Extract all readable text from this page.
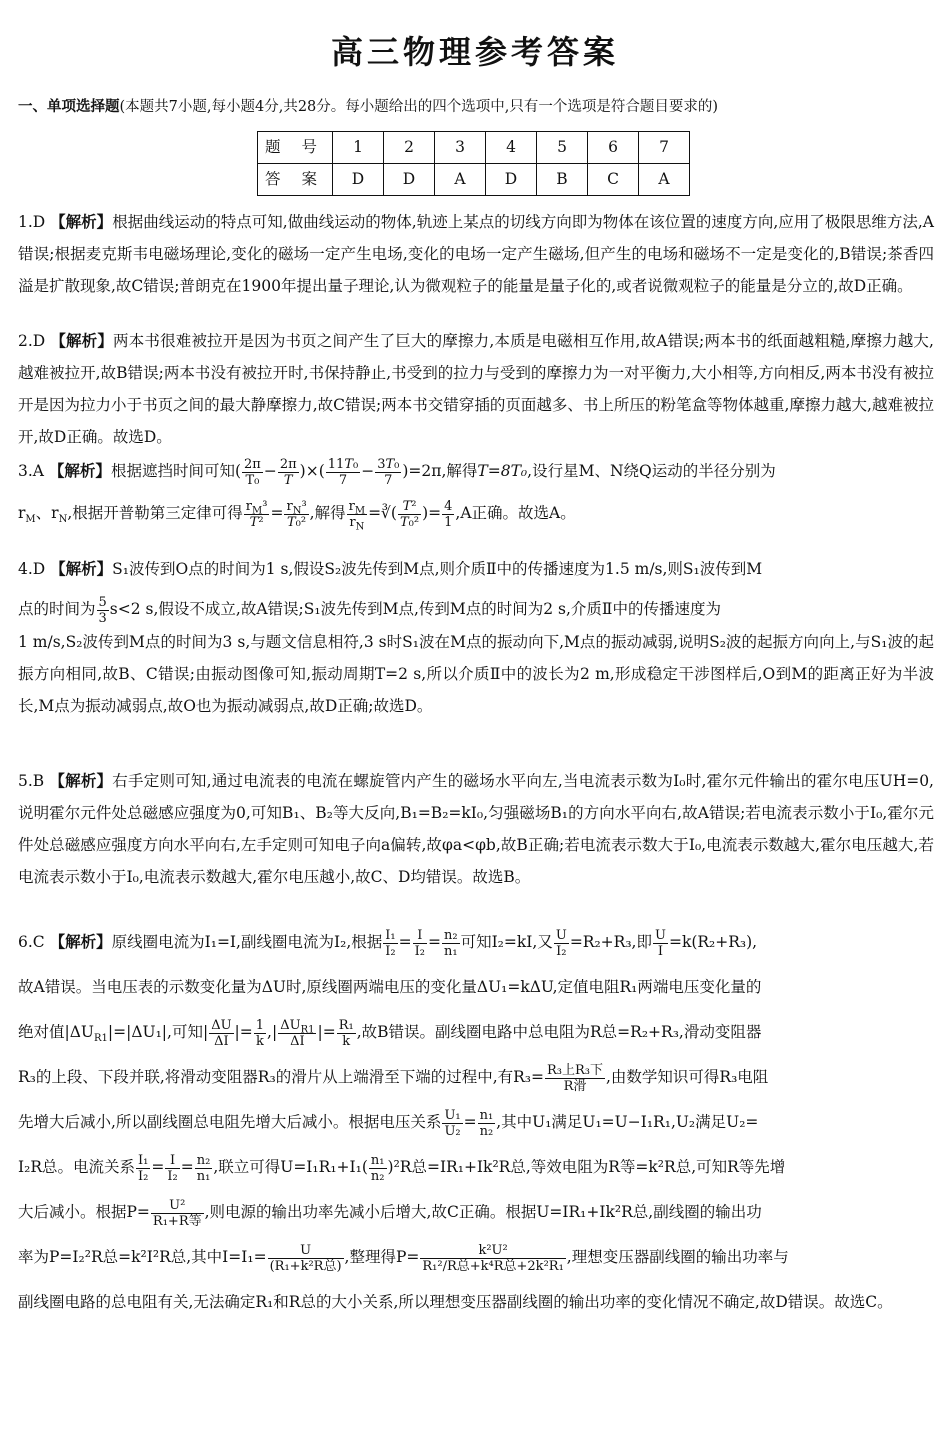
高三物理参考答案
一、单项选择题(本题共7小题,每小题4分,共28分。每小题给出的四个选项中,只有一个选项是符合题目要求的)
题 号	1	2	3	4	5	6	7
答 案	D	D	A	D	B	C	A
1.D 【解析】根据曲线运动的特点可知,做曲线运动的物体,轨迹上某点的切线方向即为物体在该位置的速度方向,应用了极限思维方法,A错误;根据麦克斯韦电磁场理论,变化的磁场一定产生电场,变化的电场一定产生磁场,但产生的电场和磁场不一定是变化的,B错误;茶香四溢是扩散现象,故C错误;普朗克在1900年提出量子理论,认为微观粒子的能量是量子化的,或者说微观粒子的能量是分立的,故D正确。
2.D 【解析】两本书很难被拉开是因为书页之间产生了巨大的摩擦力,本质是电磁相互作用,故A错误;两本书的纸面越粗糙,摩擦力越大,越难被拉开,故B错误;两本书没有被拉开时,书保持静止,书受到的拉力与受到的摩擦力为一对平衡力,大小相等,方向相反,两本书没有被拉开是因为拉力小于书页之间的最大静摩擦力,故C错误;两本书交错穿插的页面越多、书上所压的粉笔盒等物体越重,摩擦力越大,越难被拉开,故D正确。故选D。
3.A 【解析】根据遮挡时间可知( $\frac{2\pi}{\text{T₀}} - \frac{2\pi}{T}$ )×( $\frac{\text{11T₀}}{7} - \frac{\text{3T₀}}{7} )=2\pi$,解得T=8T₀,设行星M、N绕Q运动的半径分别为
$r_M$、$r_N$,根据开普勒第三定律可得 $\frac{r_M^3}{\text{T²}} = \frac{r_N^3}{\text{T₀²}}$ ,解得 $\frac{r_M}{r_N}$ =∛( $\frac{\text{T²}}{\text{T₀²}}$ )= $\frac{4}{1} ,A$正确。故选A。
4.D 【解析】S₁波传到O点的时间为1 s,假设S₂波先传到M点,则介质Ⅱ中的传播速度为1.5 m/s,则S₁波传到M
点的时间为 $\frac{5}{3} s<2$ s,假设不成立,故A错误;S₁波先传到M点,传到M点的时间为2 s,介质Ⅱ中的传播速度为
1 m/s,S₂波传到M点的时间为3 s,与题文信息相符,3 s时S₁波在M点的振动向下,M点的振动减弱,说明S₂波的起振方向向上,与S₁波的起振方向相同,故B、C错误;由振动图像可知,振动周期T=2 s,所以介质Ⅱ中的波长为2 m,形成稳定干涉图样后,O到M的距离正好为半波长,M点为振动减弱点,故O也为振动减弱点,故D正确;故选D。
5.B 【解析】右手定则可知,通过电流表的电流在螺旋管内产生的磁场水平向左,当电流表示数为I₀时,霍尔元件输出的霍尔电压UH=0,说明霍尔元件处总磁感应强度为0,可知B₁、B₂等大反向,B₁=B₂=kI₀,匀强磁场B₁的方向水平向右,故A错误;若电流表示数小于I₀,霍尔元件处总磁感应强度方向水平向右,左手定则可知电子向a偏转,故φa<φb,故B正确;若电流表示数大于I₀,电流表示数越大,霍尔电压越大,若电流表示数小于I₀,电流表示数越大,霍尔电压越小,故C、D均错误。故选B。
6.C 【解析】原线圈电流为I₁=I,副线圈电流为I₂,根据 $\frac{\text{I₁}}{\text{I₂}} = \frac{I}{\text{I₂}} = \frac{\text{n₂}}{\text{n₁}}$ 可知I₂=kI,又 $\frac{U}{\text{I₂}} =R_2+R_3$,即 $\frac{U}{I} =k(R_2+R_3)$,
故A错误。当电压表的示数变化量为ΔU时,原线圈两端电压的变化量ΔU₁=kΔU,定值电阻R₁两端电压变化量的
绝对值$|\Delta U_{R1}|=|\Delta U_1|$,可知| $\frac{\Delta U}{\Delta I}$ |= $\frac{1}{k}$ ,| $\frac{\Delta U_{R1}}{\Delta I}$ |= $\frac{\text{R₁}}{k}$ ,故B错误。副线圈电路中总电阻为R总=R₂+R₃,滑动变阻器
R₃的上段、下段并联,将滑动变阻器R₃的滑片从上端滑至下端的过程中,有$R_3= \frac{\text{R₃上R₃下}}{\text{R滑}}$ ,由数学知识可得R₃电阻
先增大后减小,所以副线圈总电阻先增大后减小。根据电压关系 $\frac{\text{U₁}}{\text{U₂}} = \frac{\text{n₁}}{\text{n₂}}$ ,其中U₁满足U₁=U−I₁R₁,U₂满足U₂=
I₂R总。电流关系 $\frac{\text{I₁}}{\text{I₂}} = \frac{I}{\text{I₂}} = \frac{\text{n₂}}{\text{n₁}}$ ,联立可得$U=I_1R_1+I_1( \frac{\text{n₁}}{\text{n₂}} )^2R$总=IR₁+Ik²R总,等效电阻为R等=k²R总,可知R等先增
大后减小。根据$P= \frac{\text{U²}}{\text{R₁+R等}}$ ,则电源的输出功率先减小后增大,故C正确。根据U=IR₁+Ik²R总,副线圈的输出功
率为P=I₂²R总=k²I²R总,其中$I=I_1= \frac{U}{\text{(R₁+k²R总)}}$ ,整理得$P= \frac{\text{k²U²}}{\text{R₁²/R总+k⁴R总+2k²R₁}}$ ,理想变压器副线圈的输出功率与
副线圈电路的总电阻有关,无法确定R₁和R总的大小关系,所以理想变压器副线圈的输出功率的变化情况不确定,故D错误。故选C。
